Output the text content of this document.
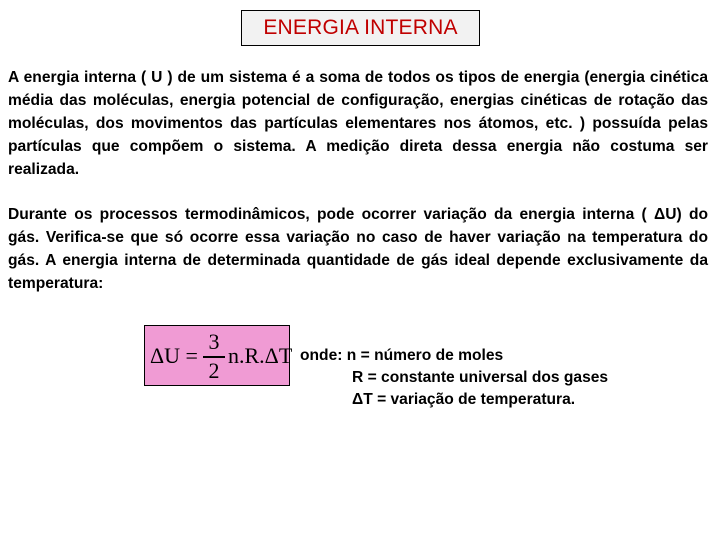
ENERGIA INTERNA

A energia interna ( U ) de um sistema é a soma de todos os tipos de energia (energia cinética média das moléculas, energia potencial de configuração, energias cinéticas de rotação das moléculas, dos movimentos das partículas elementares nos átomos, etc. ) possuída pelas partículas que compõem o sistema. A medição direta dessa energia não costuma ser realizada.

Durante os processos termodinâmicos, pode ocorrer variação da energia interna ( ΔU) do gás. Verifica-se que só ocorre essa variação no caso de haver variação na temperatura do gás. A energia interna de determinada quantidade de gás ideal depende exclusivamente da temperatura:

ΔU =
3
2
n.R.ΔT onde: n = número de moles
R = constante universal dos gases
ΔT = variação de temperatura.
